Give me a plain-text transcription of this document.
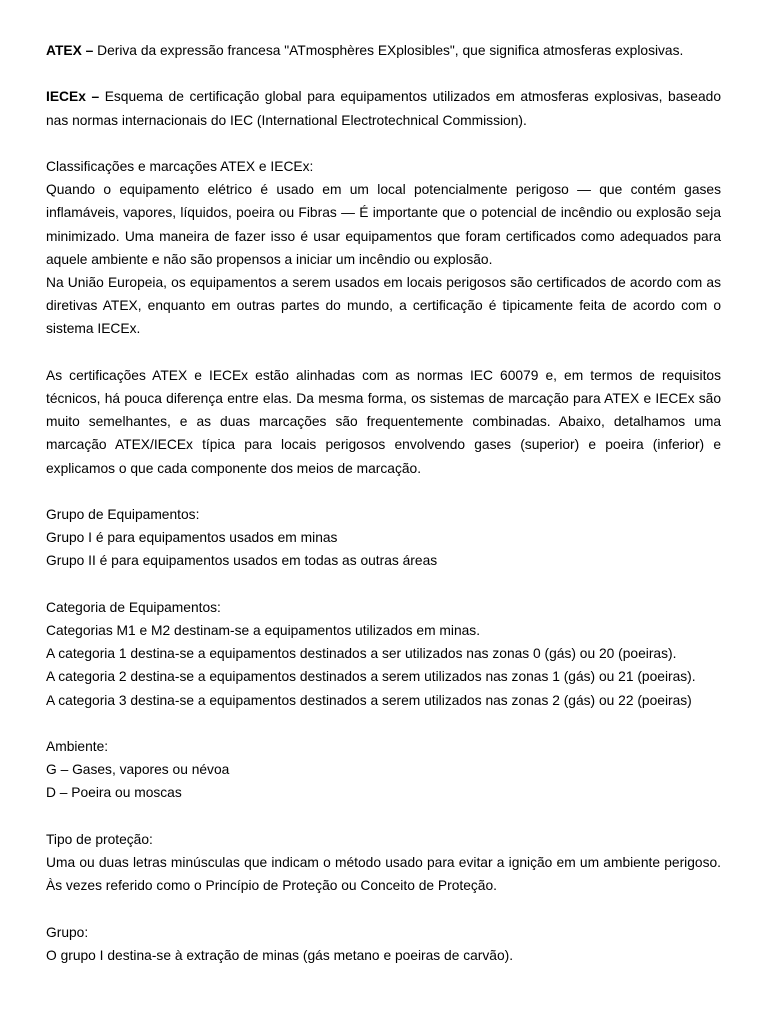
ATEX – Deriva da expressão francesa "ATmosphères EXplosibles", que significa atmosferas explosivas.

IECEx – Esquema de certificação global para equipamentos utilizados em atmosferas explosivas, baseado nas normas internacionais do IEC (International Electrotechnical Commission).

Classificações e marcações ATEX e IECEx:

Quando o equipamento elétrico é usado em um local potencialmente perigoso — que contém gases inflamáveis, vapores, líquidos, poeira ou Fibras — É importante que o potencial de incêndio ou explosão seja minimizado. Uma maneira de fazer isso é usar equipamentos que foram certificados como adequados para aquele ambiente e não são propensos a iniciar um incêndio ou explosão.

Na União Europeia, os equipamentos a serem usados em locais perigosos são certificados de acordo com as diretivas ATEX, enquanto em outras partes do mundo, a certificação é tipicamente feita de acordo com o sistema IECEx.

As certificações ATEX e IECEx estão alinhadas com as normas IEC 60079 e, em termos de requisitos técnicos, há pouca diferença entre elas. Da mesma forma, os sistemas de marcação para ATEX e IECEx são muito semelhantes, e as duas marcações são frequentemente combinadas. Abaixo, detalhamos uma marcação ATEX/IECEx típica para locais perigosos envolvendo gases (superior) e poeira (inferior) e explicamos o que cada componente dos meios de marcação.

Grupo de Equipamentos:

Grupo I é para equipamentos usados em minas
Grupo II é para equipamentos usados em todas as outras áreas

Categoria de Equipamentos:

Categorias M1 e M2 destinam-se a equipamentos utilizados em minas.
A categoria 1 destina-se a equipamentos destinados a ser utilizados nas zonas 0 (gás) ou 20 (poeiras).
A categoria 2 destina-se a equipamentos destinados a serem utilizados nas zonas 1 (gás) ou 21 (poeiras).
A categoria 3 destina-se a equipamentos destinados a serem utilizados nas zonas 2 (gás) ou 22 (poeiras)

Ambiente:

G – Gases, vapores ou névoa
D – Poeira ou moscas

Tipo de proteção:

Uma ou duas letras minúsculas que indicam o método usado para evitar a ignição em um ambiente perigoso. Às vezes referido como o Princípio de Proteção ou Conceito de Proteção.

Grupo:

O grupo I destina-se à extração de minas (gás metano e poeiras de carvão).
